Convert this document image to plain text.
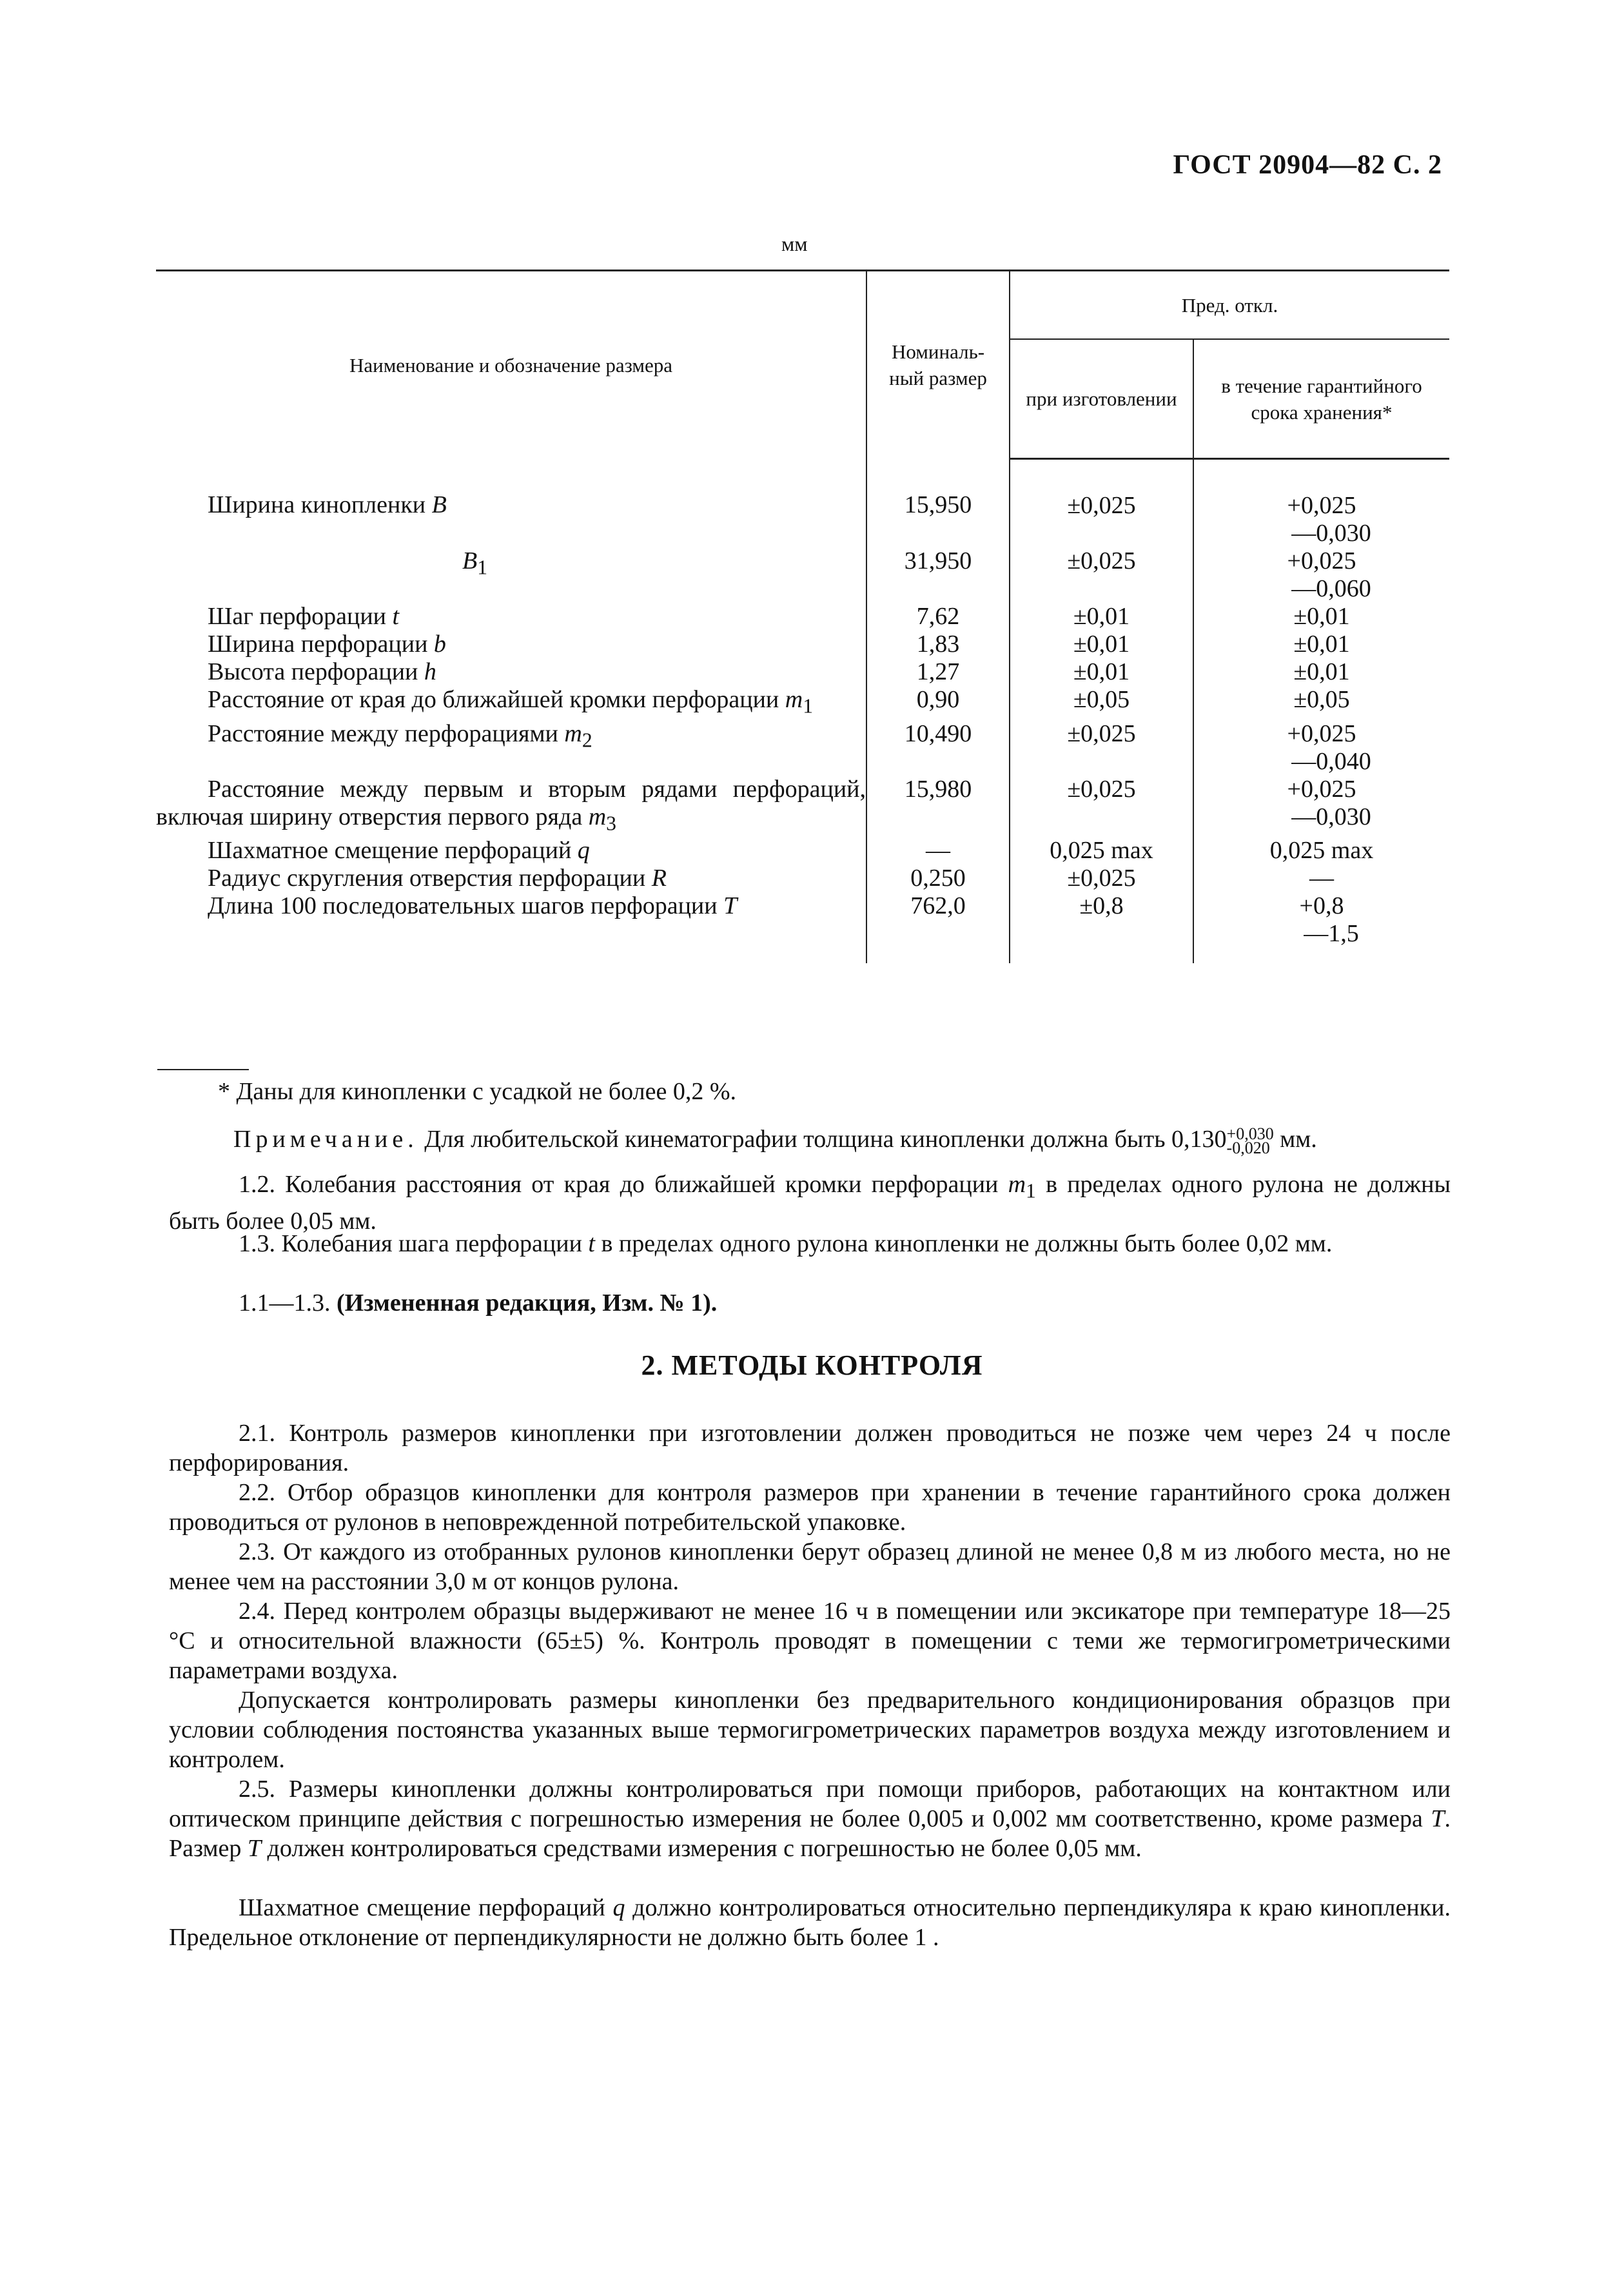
ГОСТ 20904—82 С. 2
мм
Наименование и обозначение размера	Номиналь-ный размер	Пред. откл.	
		при изготовлении	в течение гарантийного срока хранения*
Ширина кинопленки B	15,950	±0,025	+0,025
—0,030

$B_1$	31,950	±0,025	+0,025
—0,060

Шаг перфорации t	7,62	±0,01	±0,01

Ширина перфорации b	1,83	±0,01	±0,01

Высота перфорации h	1,27	±0,01	±0,01

Расстояние от края до ближайшей кромки перфорации $m_1$	0,90	±0,05	±0,05

Расстояние между перфорациями $m_2$	10,490	±0,025	+0,025
—0,040

Расстояние между первым и вторым рядами перфораций, включая ширину отверстия первого ряда $m_3$	15,980	±0,025	+0,025
—0,030

Шахматное смещение перфораций q	—	0,025 max	0,025 max

Радиус скругления отверстия перфорации R	0,250	±0,025	—

Длина 100 последовательных шагов перфорации T	762,0	±0,8	+0,8
—1,5
* Даны для кинопленки с усадкой не более 0,2 %.
Примечание. Для любительской кинематографии толщина кинопленки должна быть 0,130 +0,030
-0,020 мм.
1.2. Колебания расстояния от края до ближайшей кромки перфорации $m_1$ в пределах одного рулона не должны быть более 0,05 мм.
1.3. Колебания шага перфорации t в пределах одного рулона кинопленки не должны быть более 0,02 мм.
1.1—1.3. (Измененная редакция, Изм. № 1).
2. МЕТОДЫ КОНТРОЛЯ
2.1. Контроль размеров кинопленки при изготовлении должен проводиться не позже чем через 24 ч после перфорирования.
2.2. Отбор образцов кинопленки для контроля размеров при хранении в течение гарантийного срока должен проводиться от рулонов в неповрежденной потребительской упаковке.
2.3. От каждого из отобранных рулонов кинопленки берут образец длиной не менее 0,8 м из любого места, но не менее чем на расстоянии 3,0 м от концов рулона.
2.4. Перед контролем образцы выдерживают не менее 16 ч в помещении или эксикаторе при температуре 18—25 °С и относительной влажности (65±5) %. Контроль проводят в помещении с теми же термогигрометрическими параметрами воздуха.
Допускается контролировать размеры кинопленки без предварительного кондиционирования образцов при условии соблюдения постоянства указанных выше термогигрометрических параметров воздуха между изготовлением и контролем.
2.5. Размеры кинопленки должны контролироваться при помощи приборов, работающих на контактном или оптическом принципе действия с погрешностью измерения не более 0,005 и 0,002 мм соответственно, кроме размера T. Размер T должен контролироваться средствами измерения с погрешностью не более 0,05 мм.
Шахматное смещение перфораций q должно контролироваться относительно перпендикуляра к краю кинопленки. Предельное отклонение от перпендикулярности не должно быть более 1 .
